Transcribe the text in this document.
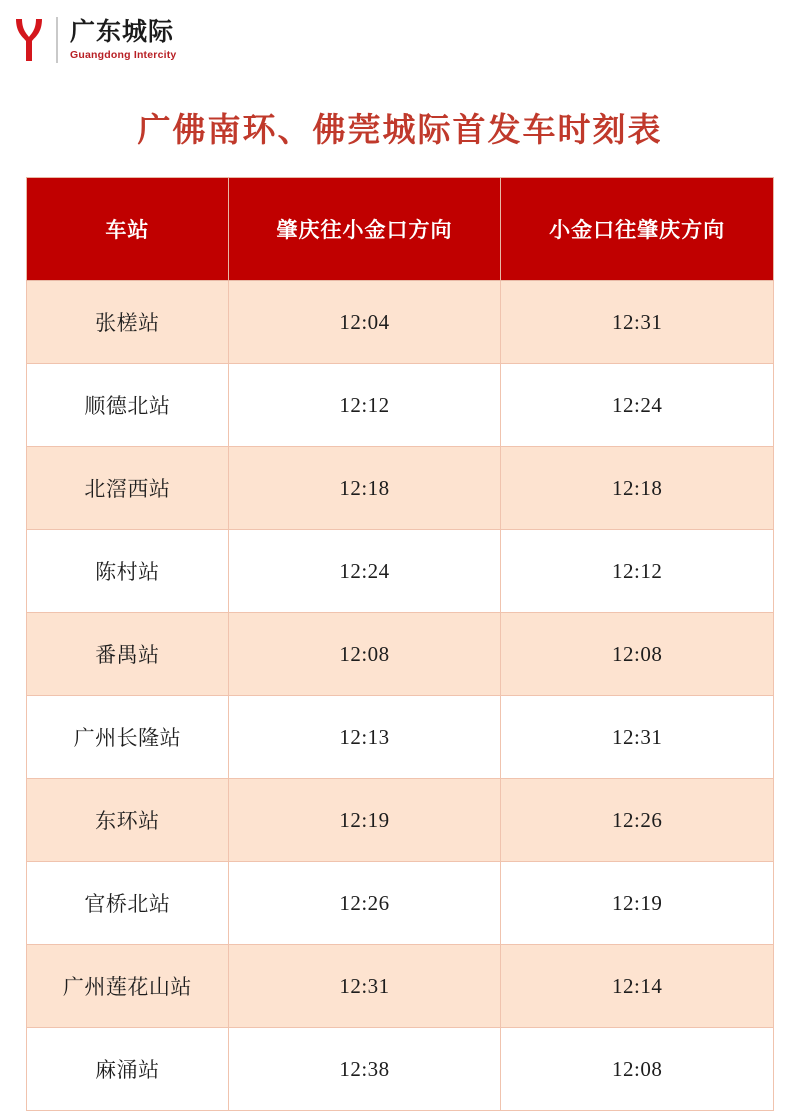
广东城际
Guangdong Intercity
广佛南环、佛莞城际首发车时刻表
车站	肇庆往小金口方向	小金口往肇庆方向
张槎站	12:04	12:31
顺德北站	12:12	12:24
北滘西站	12:18	12:18
陈村站	12:24	12:12
番禺站	12:08	12:08
广州长隆站	12:13	12:31
东环站	12:19	12:26
官桥北站	12:26	12:19
广州莲花山站	12:31	12:14
麻涌站	12:38	12:08
